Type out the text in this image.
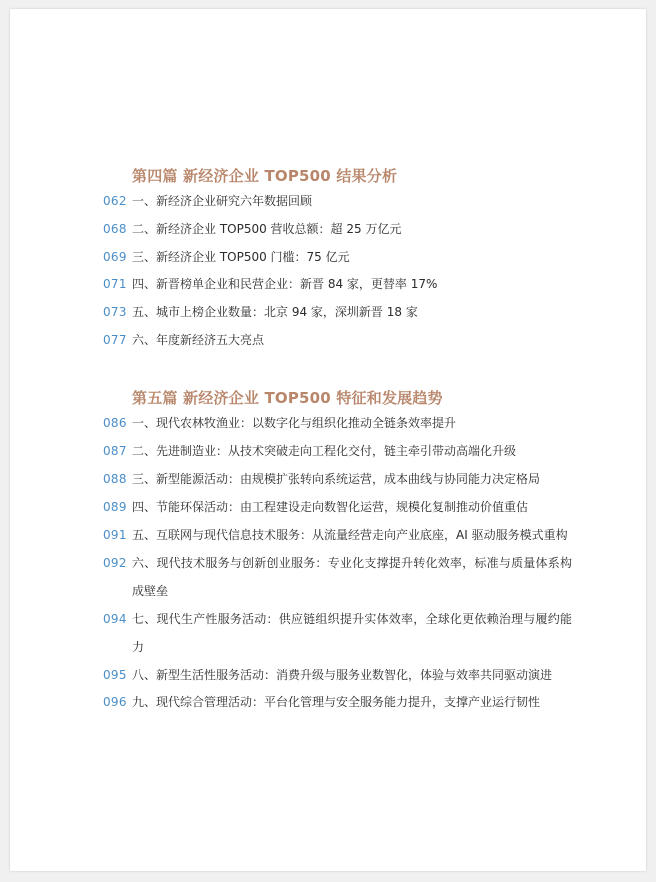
第四篇 新经济企业 TOP500 结果分析
062 一、新经济企业研究六年数据回顾
068 二、新经济企业 TOP500 营收总额：超 25 万亿元
069 三、新经济企业 TOP500 门槛：75 亿元
071 四、新晋榜单企业和民营企业：新晋 84 家，更替率 17%
073 五、城市上榜企业数量：北京 94 家，深圳新晋 18 家
077 六、年度新经济五大亮点
第五篇 新经济企业 TOP500 特征和发展趋势
086 一、现代农林牧渔业：以数字化与组织化推动全链条效率提升
087 二、先进制造业：从技术突破走向工程化交付，链主牵引带动高端化升级
088 三、新型能源活动：由规模扩张转向系统运营，成本曲线与协同能力决定格局
089 四、节能环保活动：由工程建设走向数智化运营，规模化复制推动价值重估
091 五、互联网与现代信息技术服务：从流量经营走向产业底座，AI 驱动服务模式重构
092 六、现代技术服务与创新创业服务：专业化支撑提升转化效率，标准与质量体系构成壁垒
094 七、现代生产性服务活动：供应链组织提升实体效率，全球化更依赖治理与履约能力
095 八、新型生活性服务活动：消费升级与服务业数智化，体验与效率共同驱动演进
096 九、现代综合管理活动：平台化管理与安全服务能力提升，支撑产业运行韧性
